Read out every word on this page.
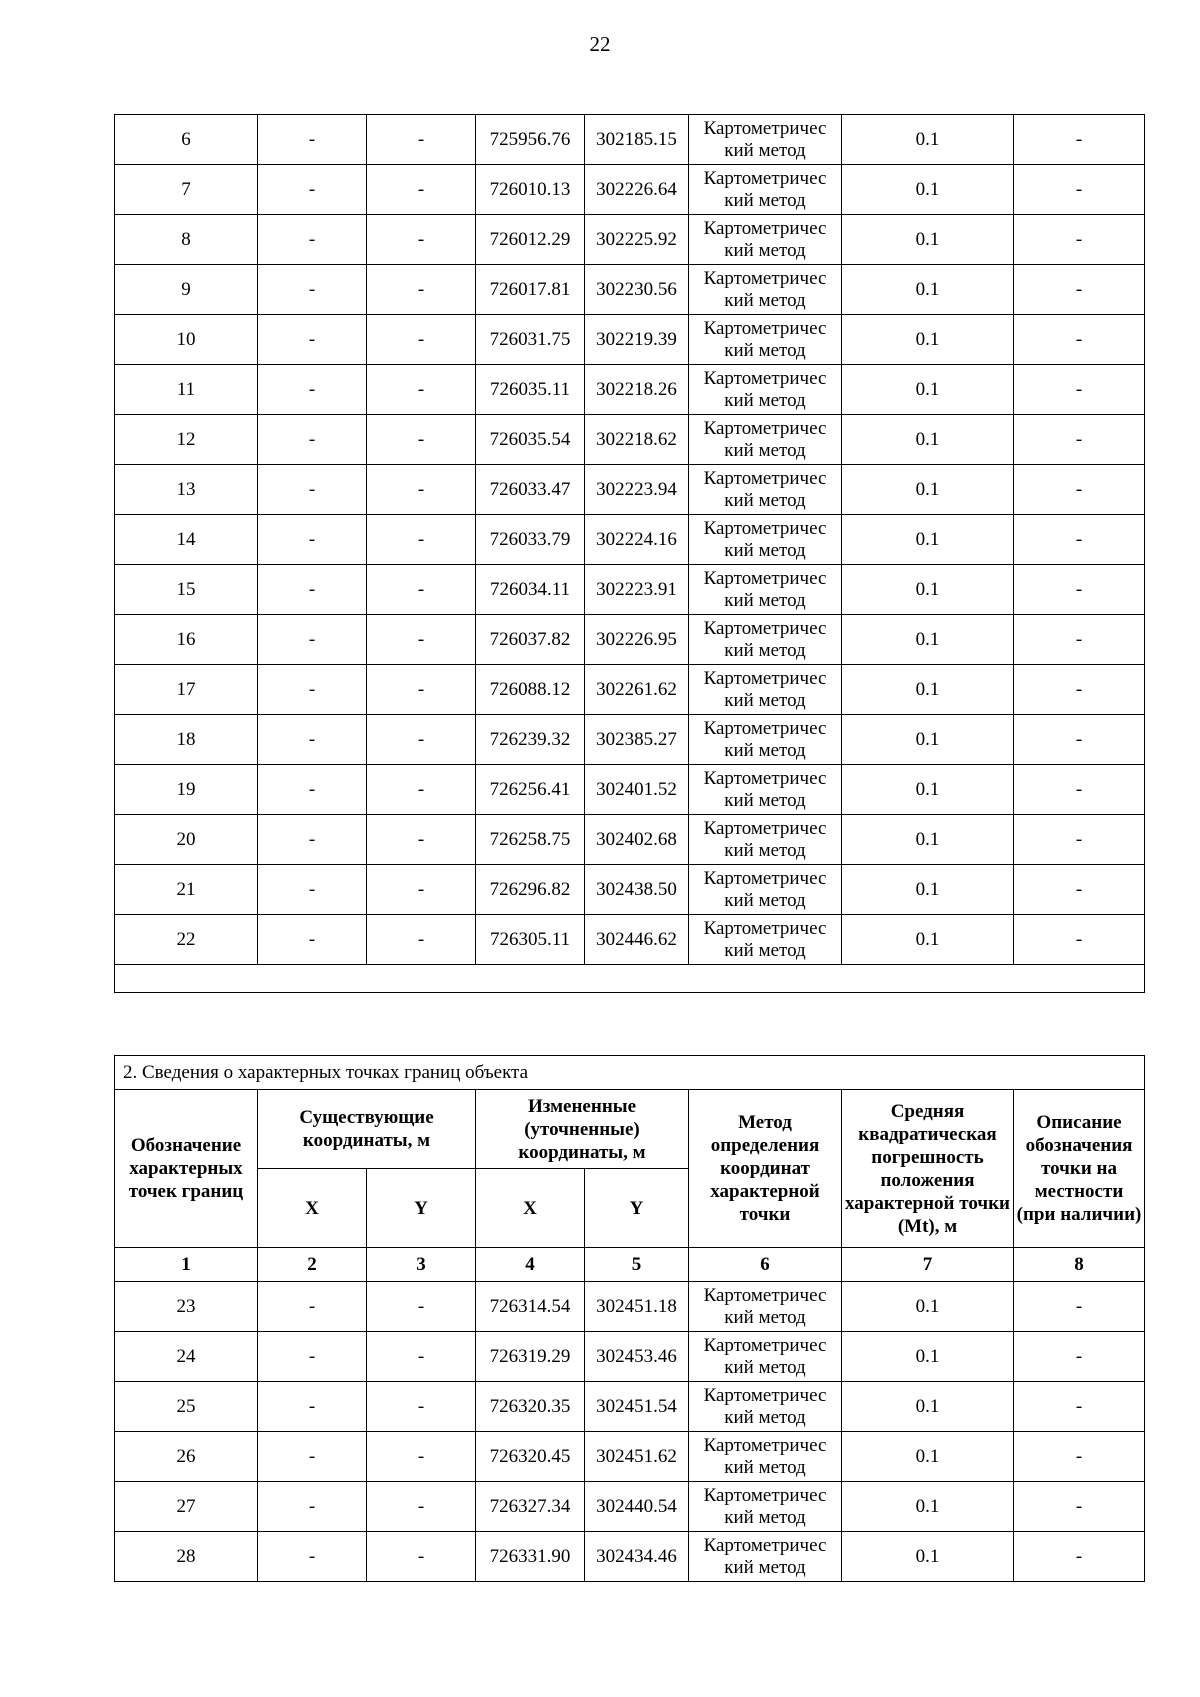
22
6	-	-	725956.76	302185.15	Картометричес кий метод	0.1	-
7	-	-	726010.13	302226.64	Картометричес кий метод	0.1	-
8	-	-	726012.29	302225.92	Картометричес кий метод	0.1	-
9	-	-	726017.81	302230.56	Картометричес кий метод	0.1	-
10	-	-	726031.75	302219.39	Картометричес кий метод	0.1	-
11	-	-	726035.11	302218.26	Картометричес кий метод	0.1	-
12	-	-	726035.54	302218.62	Картометричес кий метод	0.1	-
13	-	-	726033.47	302223.94	Картометричес кий метод	0.1	-
14	-	-	726033.79	302224.16	Картометричес кий метод	0.1	-
15	-	-	726034.11	302223.91	Картометричес кий метод	0.1	-
16	-	-	726037.82	302226.95	Картометричес кий метод	0.1	-
17	-	-	726088.12	302261.62	Картометричес кий метод	0.1	-
18	-	-	726239.32	302385.27	Картометричес кий метод	0.1	-
19	-	-	726256.41	302401.52	Картометричес кий метод	0.1	-
20	-	-	726258.75	302402.68	Картометричес кий метод	0.1	-
21	-	-	726296.82	302438.50	Картометричес кий метод	0.1	-
22	-	-	726305.11	302446.62	Картометричес кий метод	0.1	-

2. Сведения о характерных точках границ объекта							
Обозначение характерных точек границ	Существующие координаты, м		Измененные (уточненные) координаты, м		Метод определения координат характерной точки	Средняя квадратическая погрешность положения характерной точки (Mt), м	Описание обозначения точки на местности (при наличии)
	X	Y	X	Y			
1	2	3	4	5	6	7	8
23	-	-	726314.54	302451.18	Картометричес кий метод	0.1	-
24	-	-	726319.29	302453.46	Картометричес кий метод	0.1	-
25	-	-	726320.35	302451.54	Картометричес кий метод	0.1	-
26	-	-	726320.45	302451.62	Картометричес кий метод	0.1	-
27	-	-	726327.34	302440.54	Картометричес кий метод	0.1	-
28	-	-	726331.90	302434.46	Картометричес кий метод	0.1	-
